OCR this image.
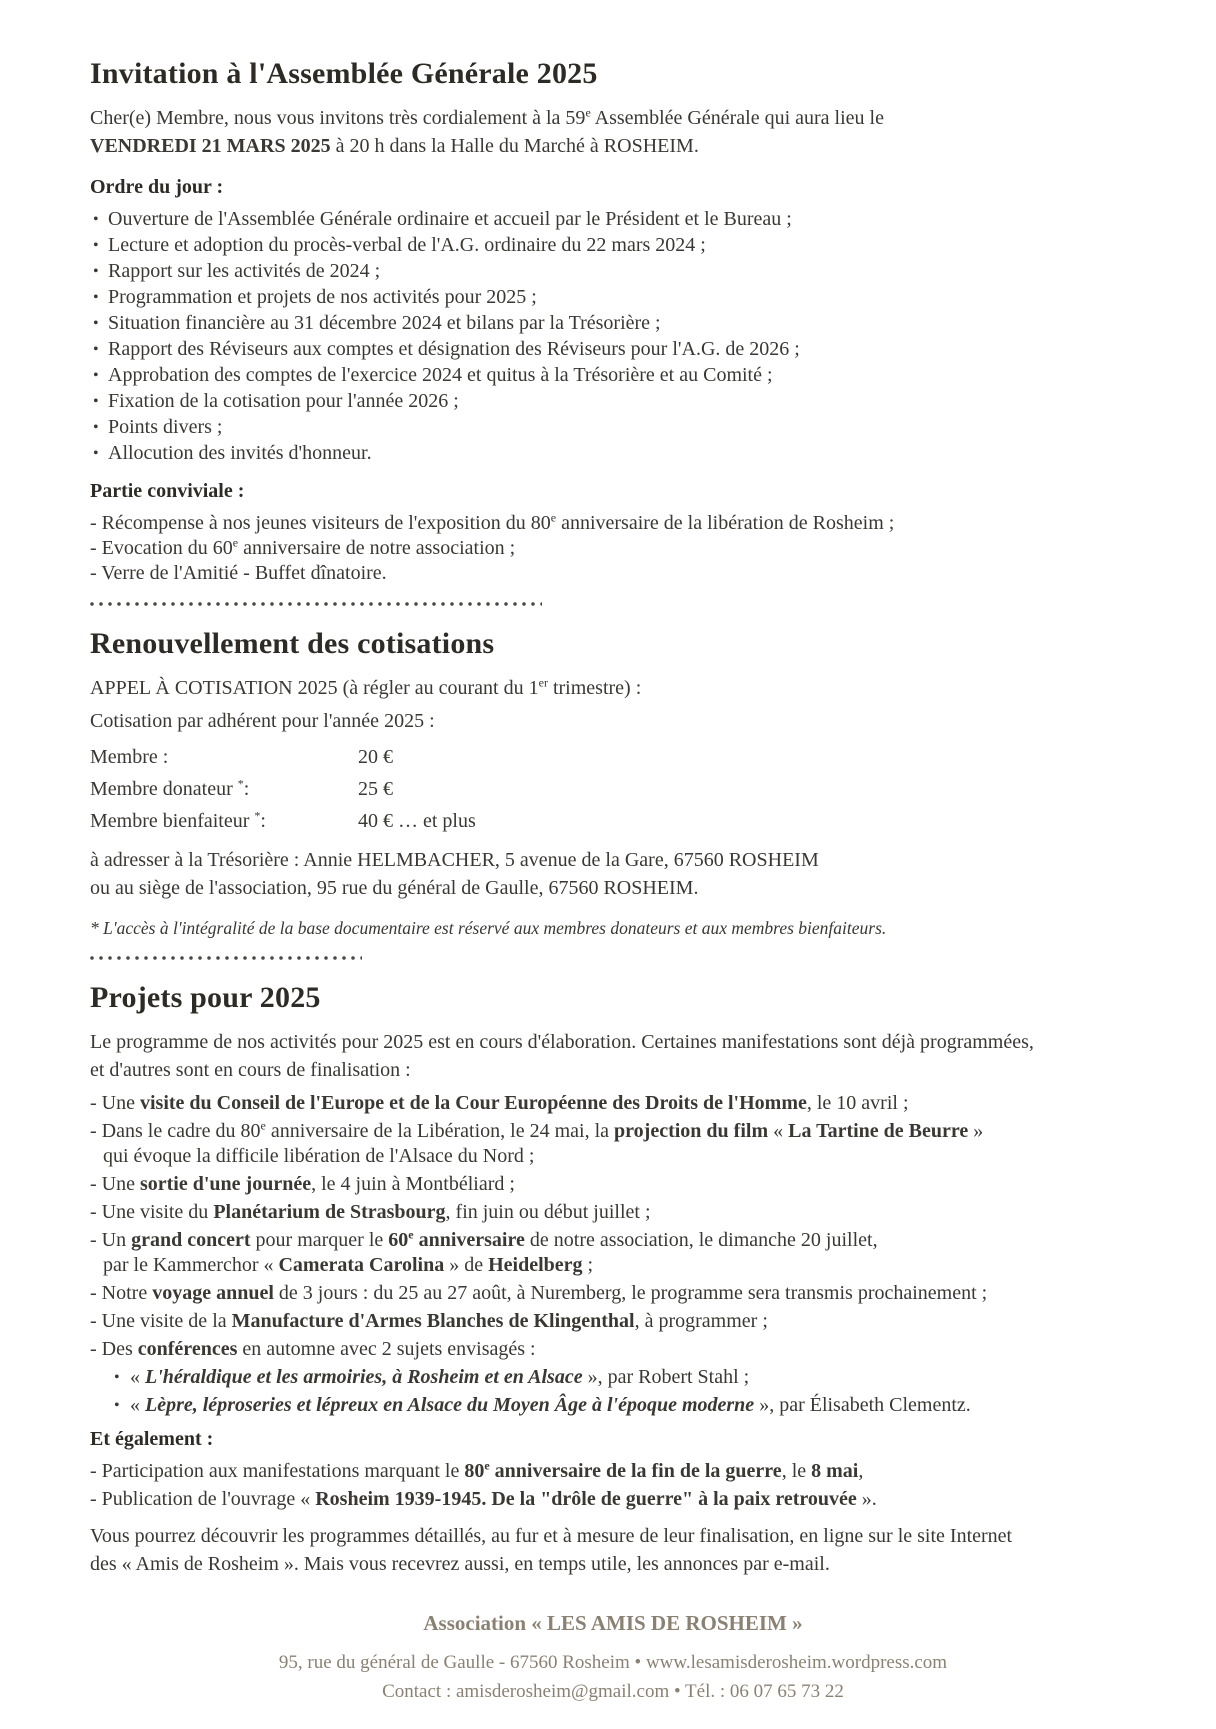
Invitation à l'Assemblée Générale 2025

Cher(e) Membre, nous vous invitons très cordialement à la 59e Assemblée Générale qui aura lieu le
VENDREDI 21 MARS 2025 à 20 h dans la Halle du Marché à ROSHEIM.

Ordre du jour :
• Ouverture de l'Assemblée Générale ordinaire et accueil par le Président et le Bureau ;
• Lecture et adoption du procès-verbal de l'A.G. ordinaire du 22 mars 2024 ;
• Rapport sur les activités de 2024 ;
• Programmation et projets de nos activités pour 2025 ;
• Situation financière au 31 décembre 2024 et bilans par la Trésorière ;
• Rapport des Réviseurs aux comptes et désignation des Réviseurs pour l'A.G. de 2026 ;
• Approbation des comptes de l'exercice 2024 et quitus à la Trésorière et au Comité ;
• Fixation de la cotisation pour l'année 2026 ;
• Points divers ;
• Allocution des invités d'honneur.
Partie conviviale :
- Récompense à nos jeunes visiteurs de l'exposition du 80e anniversaire de la libération de Rosheim ;
- Evocation du 60e anniversaire de notre association ;
- Verre de l'Amitié - Buffet dînatoire.
Renouvellement des cotisations

APPEL À COTISATION 2025 (à régler au courant du 1er trimestre) :

Cotisation par adhérent pour l'année 2025 :

Membre :	20 €
Membre donateur *:	25 €
Membre bienfaiteur *:	40 € … et plus
à adresser à la Trésorière : Annie HELMBACHER, 5 avenue de la Gare, 67560 ROSHEIM
ou au siège de l'association, 95 rue du général de Gaulle, 67560 ROSHEIM.

* L'accès à l'intégralité de la base documentaire est réservé aux membres donateurs et aux membres bienfaiteurs.

Projets pour 2025

Le programme de nos activités pour 2025 est en cours d'élaboration. Certaines manifestations sont déjà programmées,
et d'autres sont en cours de finalisation :

- Une visite du Conseil de l'Europe et de la Cour Européenne des Droits de l'Homme, le 10 avril ;
- Dans le cadre du 80e anniversaire de la Libération, le 24 mai, la projection du film « La Tartine de Beurre »
qui évoque la difficile libération de l'Alsace du Nord ;
- Une sortie d'une journée, le 4 juin à Montbéliard ;
- Une visite du Planétarium de Strasbourg, fin juin ou début juillet ;
- Un grand concert pour marquer le 60e anniversaire de notre association, le dimanche 20 juillet,
par le Kammerchor « Camerata Carolina » de Heidelberg ;
- Notre voyage annuel de 3 jours : du 25 au 27 août, à Nuremberg, le programme sera transmis prochainement ;
- Une visite de la Manufacture d'Armes Blanches de Klingenthal, à programmer ;
- Des conférences en automne avec 2 sujets envisagés :
• « L'héraldique et les armoiries, à Rosheim et en Alsace », par Robert Stahl ;
• « Lèpre, léproseries et lépreux en Alsace du Moyen Âge à l'époque moderne », par Élisabeth Clementz.
Et également :
- Participation aux manifestations marquant le 80e anniversaire de la fin de la guerre, le 8 mai,
- Publication de l'ouvrage « Rosheim 1939-1945. De la "drôle de guerre" à la paix retrouvée ».

Vous pourrez découvrir les programmes détaillés, au fur et à mesure de leur finalisation, en ligne sur le site Internet
des « Amis de Rosheim ». Mais vous recevrez aussi, en temps utile, les annonces par e-mail.

Association « LES AMIS DE ROSHEIM »
95, rue du général de Gaulle - 67560 Rosheim • www.lesamisderosheim.wordpress.com
Contact : amisderosheim@gmail.com • Tél. : 06 07 65 73 22
